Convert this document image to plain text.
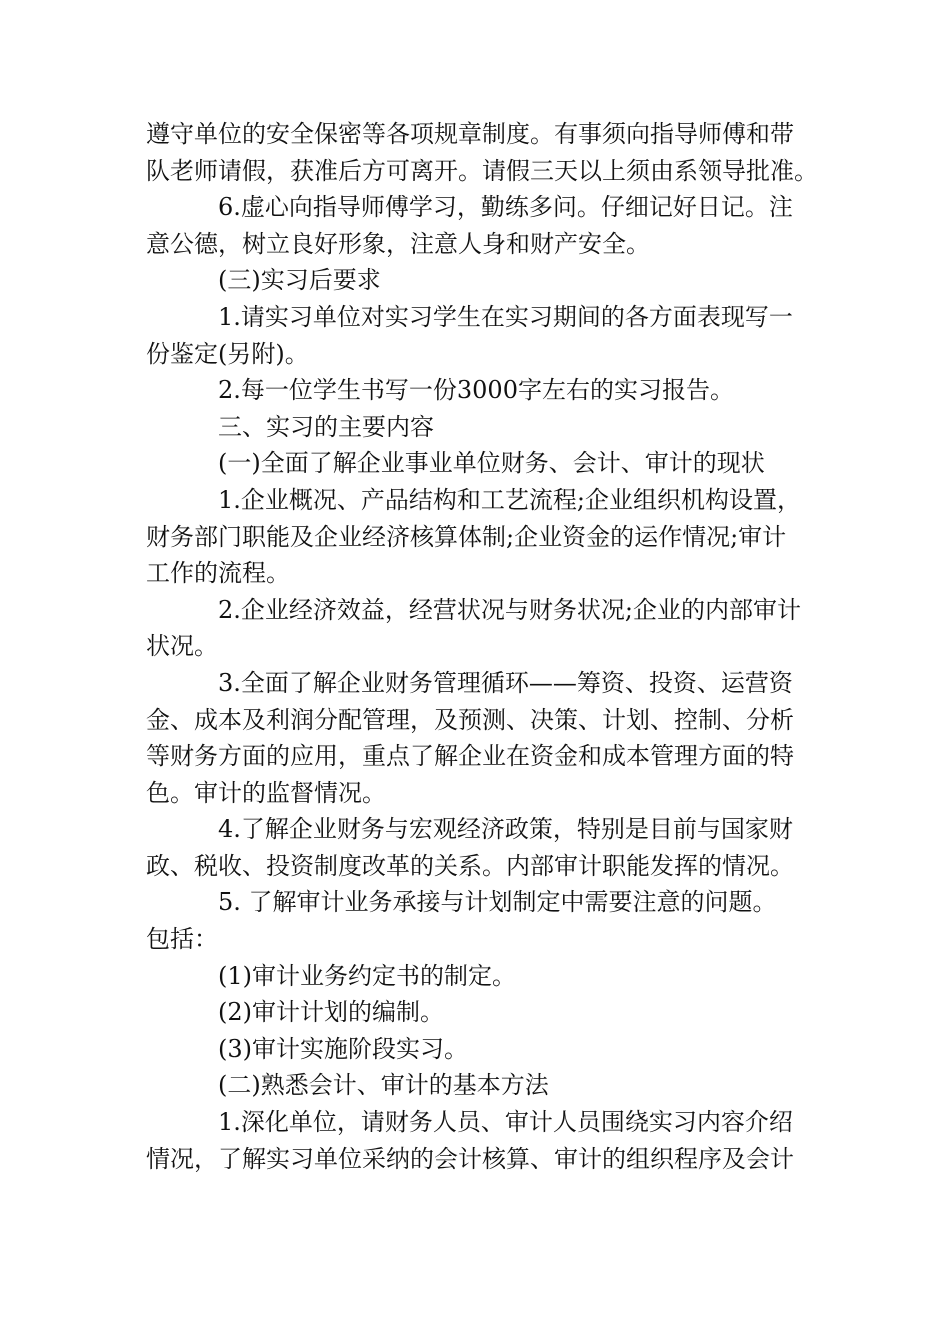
遵守单位的安全保密等各项规章制度。有事须向指导师傅和带
队老师请假，获准后方可离开。请假三天以上须由系领导批准。
6.虚心向指导师傅学习，勤练多问。仔细记好日记。注
意公德，树立良好形象，注意人身和财产安全。
(三)实习后要求
1.请实习单位对实习学生在实习期间的各方面表现写一
份鉴定(另附)。
2.每一位学生书写一份3000字左右的实习报告。
三、实习的主要内容
(一)全面了解企业事业单位财务、会计、审计的现状
1.企业概况、产品结构和工艺流程;企业组织机构设置，
财务部门职能及企业经济核算体制;企业资金的运作情况;审计
工作的流程。
2.企业经济效益，经营状况与财务状况;企业的内部审计
状况。
3.全面了解企业财务管理循环——筹资、投资、运营资
金、成本及利润分配管理，及预测、决策、计划、控制、分析
等财务方面的应用，重点了解企业在资金和成本管理方面的特
色。审计的监督情况。
4.了解企业财务与宏观经济政策，特别是目前与国家财
政、税收、投资制度改革的关系。内部审计职能发挥的情况。
5. 了解审计业务承接与计划制定中需要注意的问题。
包括：
(1)审计业务约定书的制定。
(2)审计计划的编制。
(3)审计实施阶段实习。
(二)熟悉会计、审计的基本方法
1.深化单位，请财务人员、审计人员围绕实习内容介绍
情况，了解实习单位采纳的会计核算、审计的组织程序及会计
